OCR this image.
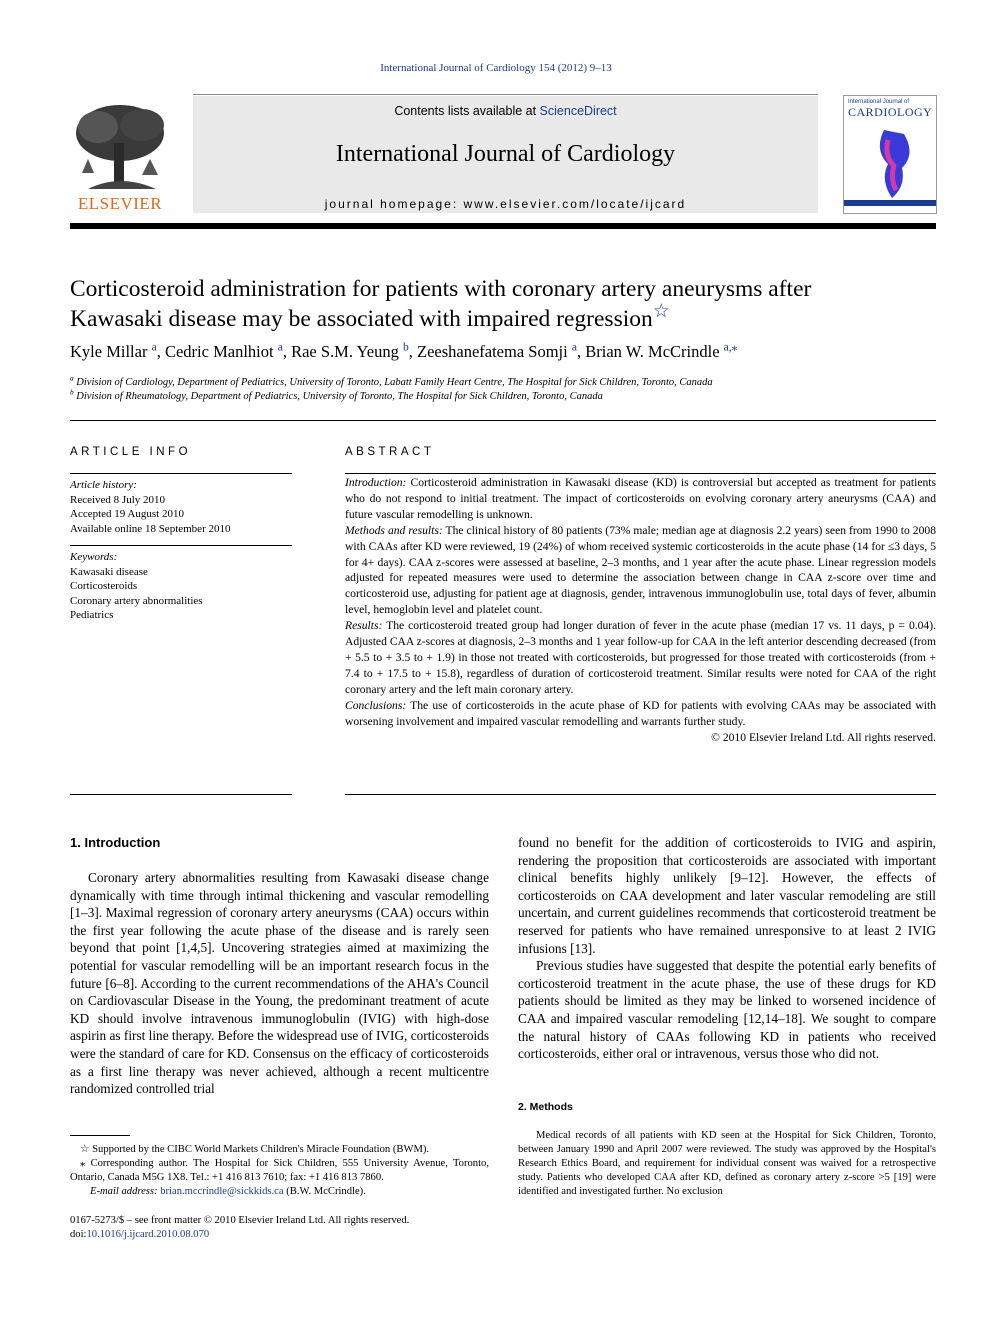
International Journal of Cardiology 154 (2012) 9–13
ELSEVIER
Contents lists available at ScienceDirect
International Journal of Cardiology
journal homepage: www.elsevier.com/locate/ijcard
International Journal of
CARDIOLOGY
Corticosteroid administration for patients with coronary artery aneurysms after
Kawasaki disease may be associated with impaired regression☆
Kyle Millar $^a$, Cedric Manlhiot $^a$, Rae S.M. Yeung $^b$, Zeeshanefatema Somji $^a$, Brian W. McCrindle $^{a,⁎}$
$^a$ Division of Cardiology, Department of Pediatrics, University of Toronto, Labatt Family Heart Centre, The Hospital for Sick Children, Toronto, Canada
$^b$ Division of Rheumatology, Department of Pediatrics, University of Toronto, The Hospital for Sick Children, Toronto, Canada
ARTICLE INFO
Article history:
Received 8 July 2010
Accepted 19 August 2010
Available online 18 September 2010
Keywords:
Kawasaki disease
Corticosteroids
Coronary artery abnormalities
Pediatrics
ABSTRACT

Introduction: Corticosteroid administration in Kawasaki disease (KD) is controversial but accepted as treatment for patients who do not respond to initial treatment. The impact of corticosteroids on evolving coronary artery aneurysms (CAA) and future vascular remodelling is unknown.

Methods and results: The clinical history of 80 patients (73% male; median age at diagnosis 2.2 years) seen from 1990 to 2008 with CAAs after KD were reviewed, 19 (24%) of whom received systemic corticosteroids in the acute phase (14 for ≤3 days, 5 for 4+ days). CAA z-scores were assessed at baseline, 2–3 months, and 1 year after the acute phase. Linear regression models adjusted for repeated measures were used to determine the association between change in CAA z-score over time and corticosteroid use, adjusting for patient age at diagnosis, gender, intravenous immunoglobulin use, total days of fever, albumin level, hemoglobin level and platelet count.

Results: The corticosteroid treated group had longer duration of fever in the acute phase (median 17 vs. 11 days, p = 0.04). Adjusted CAA z-scores at diagnosis, 2–3 months and 1 year follow-up for CAA in the left anterior descending decreased (from + 5.5 to + 3.5 to + 1.9) in those not treated with corticosteroids, but progressed for those treated with corticosteroids (from + 7.4 to + 17.5 to + 15.8), regardless of duration of corticosteroid treatment. Similar results were noted for CAA of the right coronary artery and the left main coronary artery.

Conclusions: The use of corticosteroids in the acute phase of KD for patients with evolving CAAs may be associated with worsening involvement and impaired vascular remodelling and warrants further study.

© 2010 Elsevier Ireland Ltd. All rights reserved.

1. Introduction

Coronary artery abnormalities resulting from Kawasaki disease change dynamically with time through intimal thickening and vascular remodelling [1–3]. Maximal regression of coronary artery aneurysms (CAA) occurs within the first year following the acute phase of the disease and is rarely seen beyond that point [1,4,5]. Uncovering strategies aimed at maximizing the potential for vascular remodelling will be an important research focus in the future [6–8]. According to the current recommendations of the AHA's Council on Cardiovascular Disease in the Young, the predominant treatment of acute KD should involve intravenous immunoglobulin (IVIG) with high-dose aspirin as first line therapy. Before the widespread use of IVIG, corticosteroids were the standard of care for KD. Consensus on the efficacy of corticosteroids as a first line therapy was never achieved, although a recent multicentre randomized controlled trial

found no benefit for the addition of corticosteroids to IVIG and aspirin, rendering the proposition that corticosteroids are associated with important clinical benefits highly unlikely [9–12]. However, the effects of corticosteroids on CAA development and later vascular remodeling are still uncertain, and current guidelines recommends that corticosteroid treatment be reserved for patients who have remained unresponsive to at least 2 IVIG infusions [13].

Previous studies have suggested that despite the potential early benefits of corticosteroid treatment in the acute phase, the use of these drugs for KD patients should be limited as they may be linked to worsened incidence of CAA and impaired vascular remodeling [12,14–18]. We sought to compare the natural history of CAAs following KD in patients who received corticosteroids, either oral or intravenous, versus those who did not.

2. Methods

Medical records of all patients with KD seen at the Hospital for Sick Children, Toronto, between January 1990 and April 2007 were reviewed. The study was approved by the Hospital's Research Ethics Board, and requirement for individual consent was waived for a retrospective study. Patients who developed CAA after KD, defined as coronary artery z-score >5 [19] were identified and investigated further. No exclusion

☆ Supported by the CIBC World Markets Children's Miracle Foundation (BWM).

⁎ Corresponding author. The Hospital for Sick Children, 555 University Avenue, Toronto, Ontario, Canada M5G 1X8. Tel.: +1 416 813 7610; fax: +1 416 813 7860.

E-mail address: brian.mccrindle@sickkids.ca (B.W. McCrindle).

0167-5273/$ – see front matter © 2010 Elsevier Ireland Ltd. All rights reserved.
doi:10.1016/j.ijcard.2010.08.070
